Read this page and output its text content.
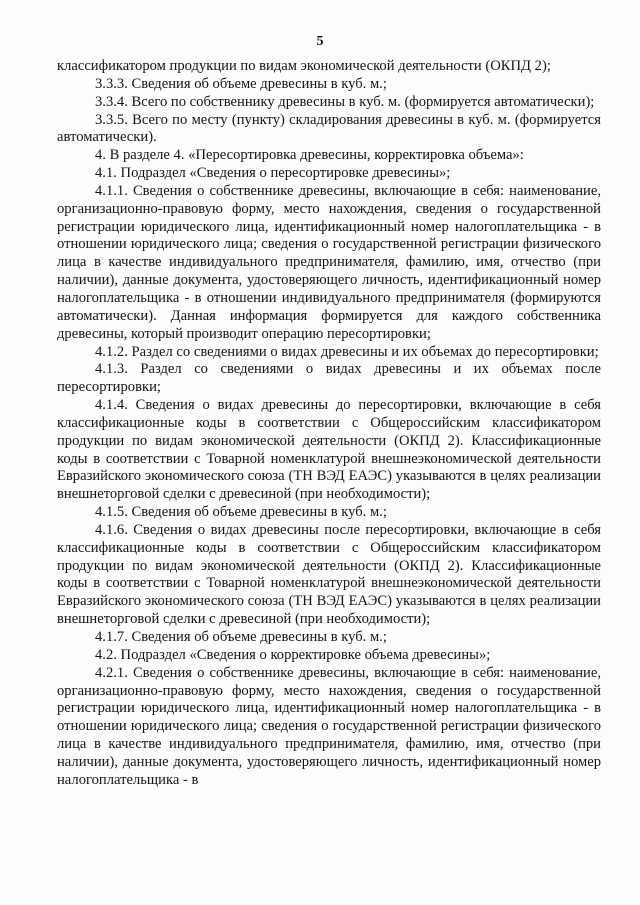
5

классификатором продукции по видам экономической деятельности (ОКПД 2);

3.3.3. Сведения об объеме древесины в куб. м.;

3.3.4. Всего по собственнику древесины в куб. м. (формируется автоматически);

3.3.5. Всего по месту (пункту) складирования древесины в куб. м. (формируется автоматически).

4. В разделе 4. «Пересортировка древесины, корректировка объема»:

4.1. Подраздел «Сведения о пересортировке древесины»;

4.1.1. Сведения о собственнике древесины, включающие в себя: наименование, организационно-правовую форму, место нахождения, сведения о государственной регистрации юридического лица, идентификационный номер налогоплательщика - в отношении юридического лица; сведения о государственной регистрации физического лица в качестве индивидуального предпринимателя, фамилию, имя, отчество (при наличии), данные документа, удостоверяющего личность, идентификационный номер налогоплательщика - в отношении индивидуального предпринимателя (формируются автоматически). Данная информация формируется для каждого собственника древесины, который производит операцию пересортировки;

4.1.2. Раздел со сведениями о видах древесины и их объемах до пересортировки;

4.1.3. Раздел со сведениями о видах древесины и их объемах после пересортировки;

4.1.4. Сведения о видах древесины до пересортировки, включающие в себя классификационные коды в соответствии с Общероссийским классификатором продукции по видам экономической деятельности (ОКПД 2). Классификационные коды в соответствии с Товарной номенклатурой внешнеэкономической деятельности Евразийского экономического союза (ТН ВЭД ЕАЭС) указываются в целях реализации внешнеторговой сделки с древесиной (при необходимости);

4.1.5. Сведения об объеме древесины в куб. м.;

4.1.6. Сведения о видах древесины после пересортировки, включающие в себя классификационные коды в соответствии с Общероссийским классификатором продукции по видам экономической деятельности (ОКПД 2). Классификационные коды в соответствии с Товарной номенклатурой внешнеэкономической деятельности Евразийского экономического союза (ТН ВЭД ЕАЭС) указываются в целях реализации внешнеторговой сделки с древесиной (при необходимости);

4.1.7. Сведения об объеме древесины в куб. м.;

4.2. Подраздел «Сведения о корректировке объема древесины»;

4.2.1. Сведения о собственнике древесины, включающие в себя: наименование, организационно-правовую форму, место нахождения, сведения о государственной регистрации юридического лица, идентификационный номер налогоплательщика - в отношении юридического лица; сведения о государственной регистрации физического лица в качестве индивидуального предпринимателя, фамилию, имя, отчество (при наличии), данные документа, удостоверяющего личность, идентификационный номер налогоплательщика - в
